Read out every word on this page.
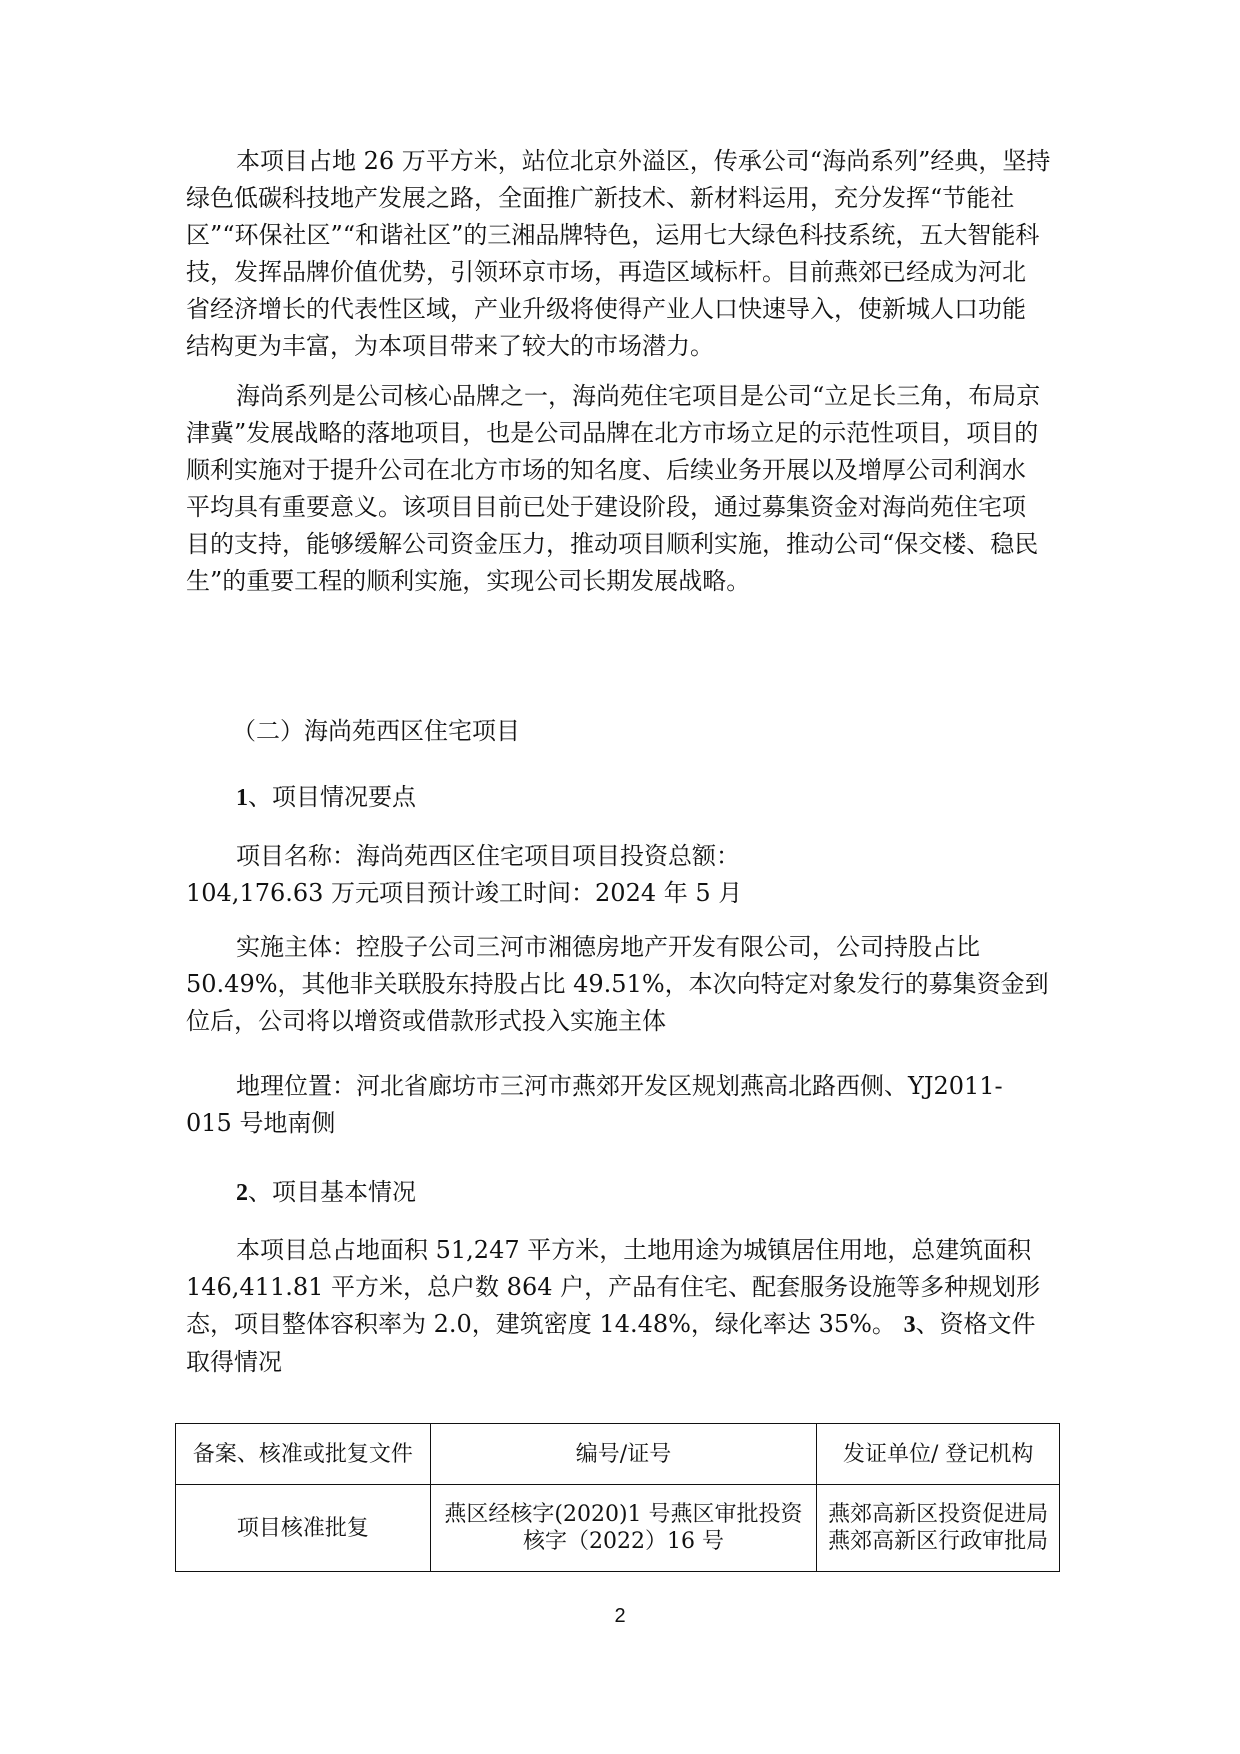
本项目占地 26 万平方米，站位北京外溢区，传承公司“海尚系列”经典，坚持
绿色低碳科技地产发展之路，全面推广新技术、新材料运用，充分发挥“节能社
区”“环保社区”“和谐社区”的三湘品牌特色，运用七大绿色科技系统，五大智能科
技，发挥品牌价值优势，引领环京市场，再造区域标杆。目前燕郊已经成为河北
省经济增长的代表性区域，产业升级将使得产业人口快速导入，使新城人口功能
结构更为丰富，为本项目带来了较大的市场潜力。
海尚系列是公司核心品牌之一，海尚苑住宅项目是公司“立足长三角，布局京
津冀”发展战略的落地项目，也是公司品牌在北方市场立足的示范性项目，项目的
顺利实施对于提升公司在北方市场的知名度、后续业务开展以及增厚公司利润水
平均具有重要意义。该项目目前已处于建设阶段，通过募集资金对海尚苑住宅项
目的支持，能够缓解公司资金压力，推动项目顺利实施，推动公司“保交楼、稳民
生”的重要工程的顺利实施，实现公司长期发展战略。
（二）海尚苑西区住宅项目
1、项目情况要点
项目名称：海尚苑西区住宅项目项目投资总额：
104,176.63 万元项目预计竣工时间：2024 年 5 月
实施主体：控股子公司三河市湘德房地产开发有限公司，公司持股占比
50.49%，其他非关联股东持股占比 49.51%，本次向特定对象发行的募集资金到
位后，公司将以增资或借款形式投入实施主体
地理位置：河北省廊坊市三河市燕郊开发区规划燕高北路西侧、YJ2011-
015 号地南侧
2、项目基本情况
本项目总占地面积 51,247 平方米，土地用途为城镇居住用地，总建筑面积
146,411.81 平方米，总户数 864 户，产品有住宅、配套服务设施等多种规划形
态，项目整体容积率为 2.0，建筑密度 14.48%，绿化率达 35%。 3、资格文件
取得情况
备案、核准或批复文件	编号/证号	发证单位/ 登记机构
项目核准批复	燕区经核字(2020)1 号燕区审批投资核字（2022）16 号	燕郊高新区投资促进局燕郊高新区行政审批局
2
